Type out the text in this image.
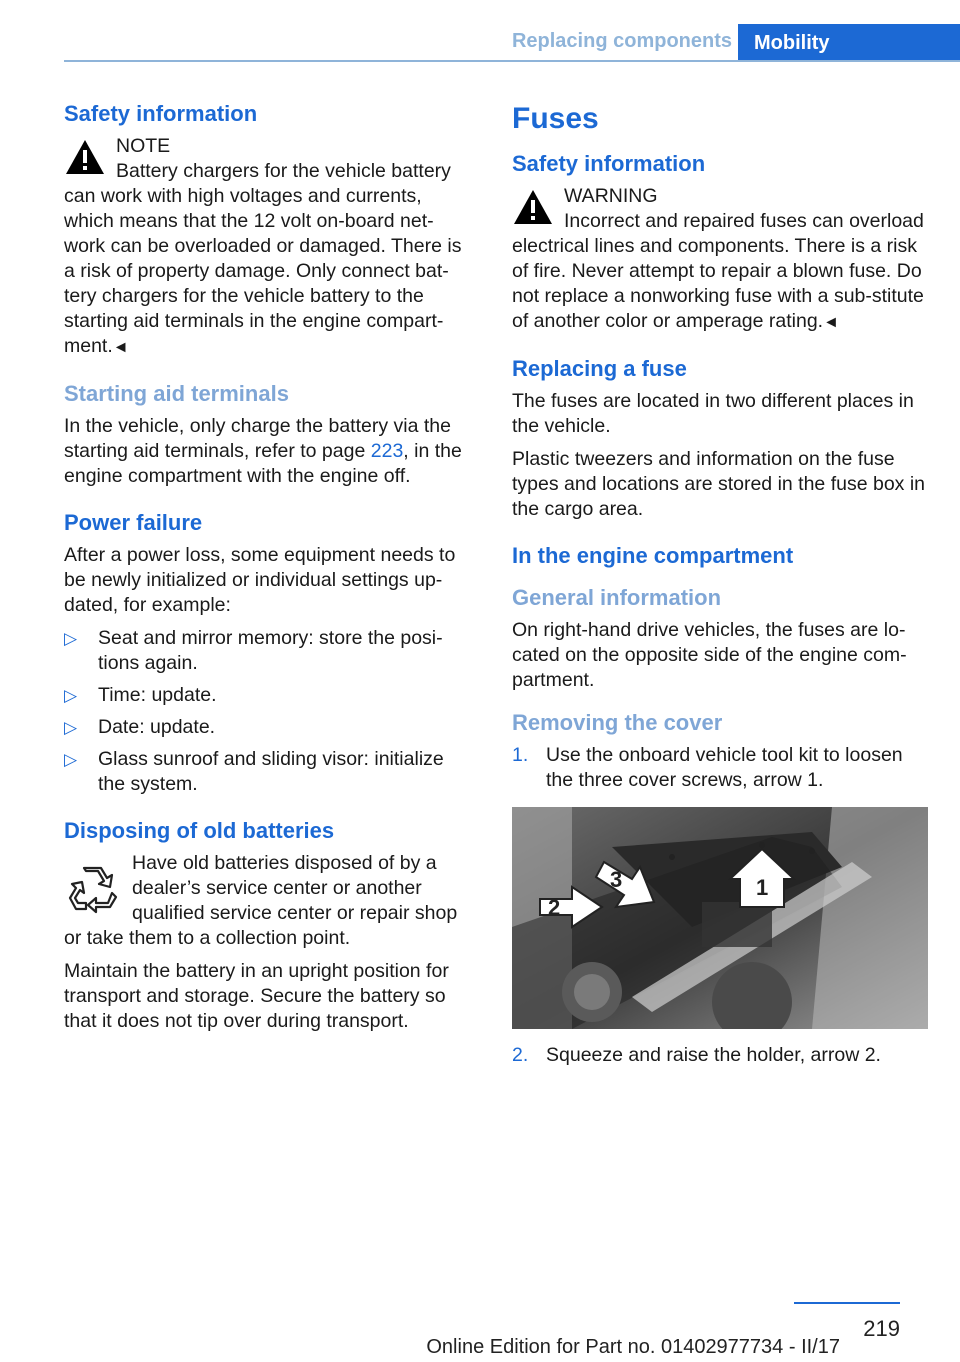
Replacing components	Mobility
Safety information
NOTE
Battery chargers for the vehicle battery can work with high voltages and currents, which means that the 12 volt on-board net-work can be overloaded or damaged. There is a risk of property damage. Only connect bat-tery chargers for the vehicle battery to the starting aid terminals in the engine compart-ment.◄
Starting aid terminals

In the vehicle, only charge the battery via the starting aid terminals, refer to page 223, in the engine compartment with the engine off.

Power failure

After a power loss, some equipment needs to be newly initialized or individual settings up-dated, for example:

▷ Seat and mirror memory: store the posi-tions again.
▷ Time: update.
▷ Date: update.
▷ Glass sunroof and sliding visor: initialize the system.
Disposing of old batteries

Have old batteries disposed of by a dealer’s service center or another qualified service center or repair shop or take them to a collection point.

Maintain the battery in an upright position for transport and storage. Secure the battery so that it does not tip over during transport.

Fuses
Safety information
WARNING
Incorrect and repaired fuses can overload electrical lines and components. There is a risk of fire. Never attempt to repair a blown fuse. Do not replace a nonworking fuse with a sub-stitute of another color or amperage rating.◄
Replacing a fuse

The fuses are located in two different places in the vehicle.

Plastic tweezers and information on the fuse types and locations are stored in the fuse box in the cargo area.

In the engine compartment
General information

On right-hand drive vehicles, the fuses are lo-cated on the opposite side of the engine com-partment.

Removing the cover
1. Use the onboard vehicle tool kit to loosen the three cover screws, arrow 1.
1
2
3
2. Squeeze and raise the holder, arrow 2.
219
Online Edition for Part no. 01402977734 - II/17
